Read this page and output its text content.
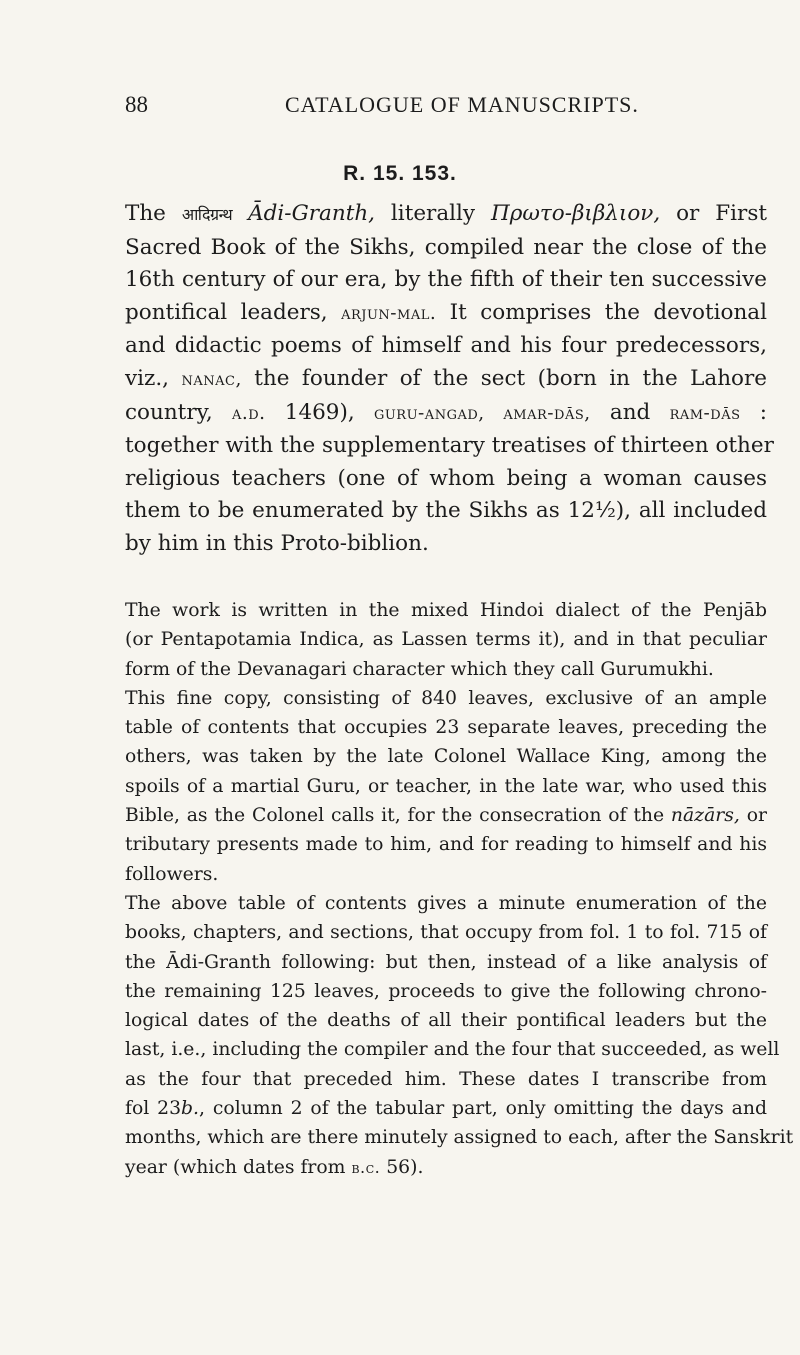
88	CATALOGUE OF MANUSCRIPTS.
R. 15. 153.
The आदिग्रन्थ Ādi-Granth, literally Πρωτο-βιβλιον, or First
Sacred Book of the Sikhs, compiled near the close of the
16th century of our era, by the fifth of their ten successive
pontifical leaders, arjun-mal. It comprises the devotional
and didactic poems of himself and his four predecessors,
viz., nanac, the founder of the sect (born in the Lahore
country, a.d. 1469), guru-angad, amar-dās, and ram-dās :
together with the supplementary treatises of thirteen other
religious teachers (one of whom being a woman causes
them to be enumerated by the Sikhs as 12½), all included
by him in this Proto-biblion.
The work is written in the mixed Hindoi dialect of the Penjāb
(or Pentapotamia Indica, as Lassen terms it), and in that peculiar
form of the Devanagari character which they call Gurumukhi.
This fine copy, consisting of 840 leaves, exclusive of an ample
table of contents that occupies 23 separate leaves, preceding the
others, was taken by the late Colonel Wallace King, among the
spoils of a martial Guru, or teacher, in the late war, who used this
Bible, as the Colonel calls it, for the consecration of the nāzārs, or
tributary presents made to him, and for reading to himself and his
followers.
The above table of contents gives a minute enumeration of the
books, chapters, and sections, that occupy from fol. 1 to fol. 715 of
the Ādi-Granth following: but then, instead of a like analysis of
the remaining 125 leaves, proceeds to give the following chrono-
logical dates of the deaths of all their pontifical leaders but the
last, i.e., including the compiler and the four that succeeded, as well
as the four that preceded him. These dates I transcribe from
fol 23b., column 2 of the tabular part, only omitting the days and
months, which are there minutely assigned to each, after the Sanskrit
year (which dates from b.c. 56).
